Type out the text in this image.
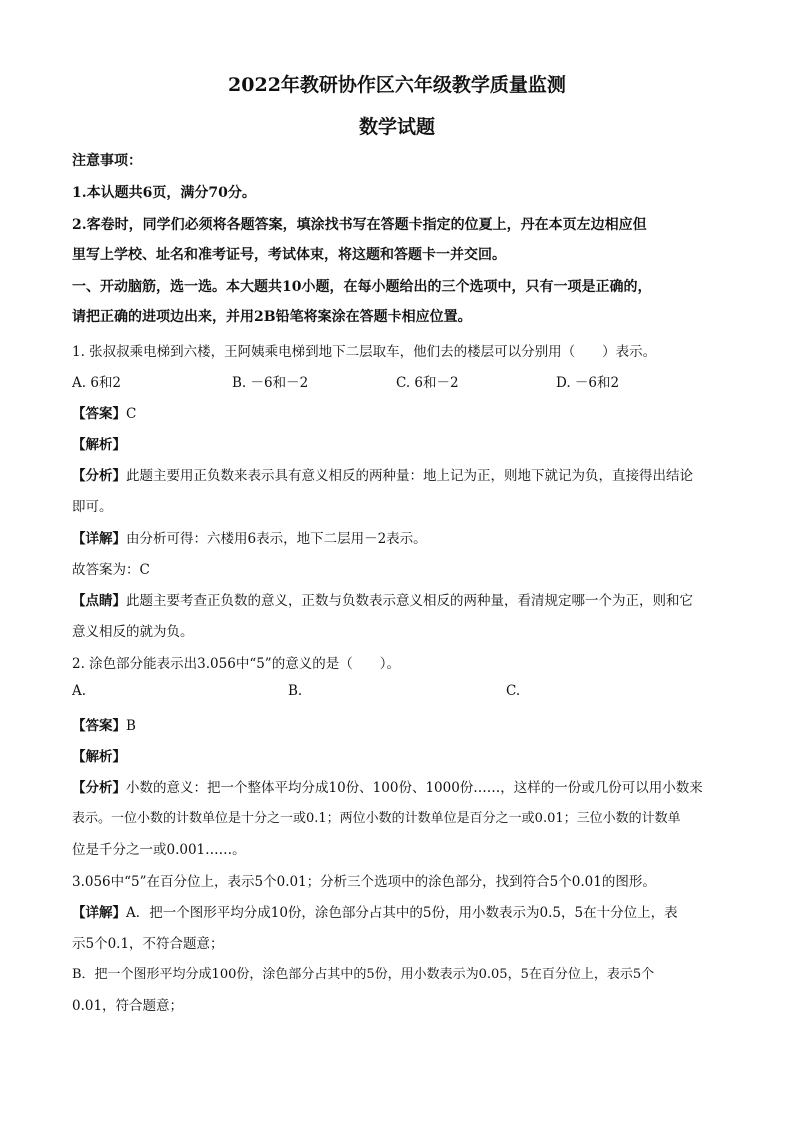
2022年教研协作区六年级教学质量监测
数学试题
注意事项：
1.本认题共6页，满分70分。
2.客卷时，同学们必须将各题答案，填涂找书写在答题卡指定的位夏上，丹在本页左边相应但
里写上学校、址名和准考证号，考试体束，将这题和答题卡一并交回。
一、开动脑筋，选一选。本大题共10小题，在每小题给出的三个选项中，只有一项是正确的，
请把正确的进项边出来，并用2B铅笔将案涂在答题卡相应位置。
1. 张叔叔乘电梯到六楼，王阿姨乘电梯到地下二层取车，他们去的楼层可以分别用（　　）表示。
A. 6和2	B. －6和－2	C. 6和－2	D. －6和2
【答案】C
【解析】
【分析】此题主要用正负数来表示具有意义相反的两种量：地上记为正，则地下就记为负，直接得出结论
即可。
【详解】由分析可得：六楼用6表示，地下二层用－2表示。
故答案为：C
【点睛】此题主要考查正负数的意义，正数与负数表示意义相反的两种量，看清规定哪一个为正，则和它
意义相反的就为负。
2. 涂色部分能表示出3.056中“5”的意义的是（　　）。
A.	B.	C.
【答案】B
【解析】
【分析】小数的意义：把一个整体平均分成10份、100份、1000份……，这样的一份或几份可以用小数来
表示。一位小数的计数单位是十分之一或0.1；两位小数的计数单位是百分之一或0.01；三位小数的计数单
位是千分之一或0.001……。
3.056中“5”在百分位上，表示5个0.01；分析三个选项中的涂色部分，找到符合5个0.01的图形。
【详解】A．把一个图形平均分成10份，涂色部分占其中的5份，用小数表示为0.5，5在十分位上，表
示5个0.1，不符合题意；
B．把一个图形平均分成100份，涂色部分占其中的5份，用小数表示为0.05，5在百分位上，表示5个
0.01，符合题意；
